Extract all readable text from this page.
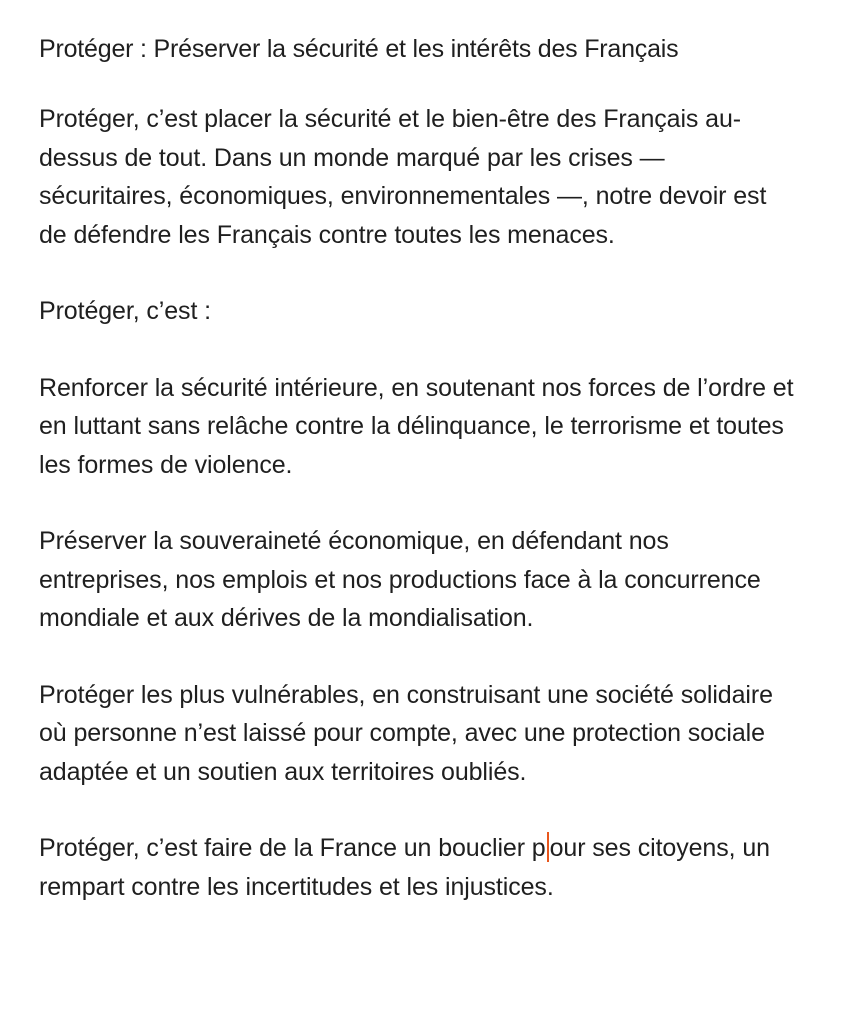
Protéger : Préserver la sécurité et les intérêts des Français

Protéger, c’est placer la sécurité et le bien-être des Français au-dessus de tout. Dans un monde marqué par les crises — sécuritaires, économiques, environnementales —, notre devoir est de défendre les Français contre toutes les menaces.

Protéger, c’est :

Renforcer la sécurité intérieure, en soutenant nos forces de l’ordre et en luttant sans relâche contre la délinquance, le terrorisme et toutes les formes de violence.

Préserver la souveraineté économique, en défendant nos entreprises, nos emplois et nos productions face à la concurrence mondiale et aux dérives de la mondialisation.

Protéger les plus vulnérables, en construisant une société solidaire où personne n’est laissé pour compte, avec une protection sociale adaptée et un soutien aux territoires oubliés.

Protéger, c’est faire de la France un bouclier p our ses citoyens, un rempart contre les incertitudes et les injustices.
